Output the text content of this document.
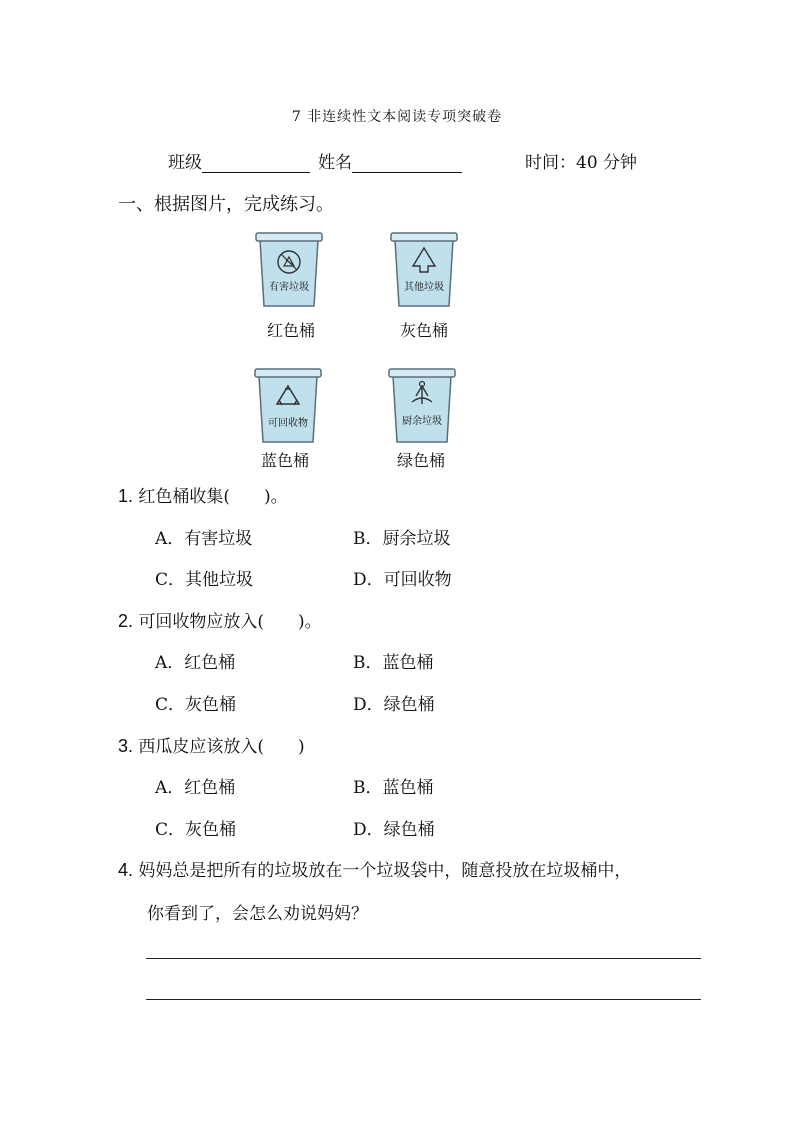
7 非连续性文本阅读专项突破卷
班级	姓名	时间：40 分钟
一、根据图片，完成练习。
有害垃圾
红色桶
其他垃圾
灰色桶
可回收物
蓝色桶
厨余垃圾
绿色桶
1. 红色桶收集(　　)。
A．有害垃圾	B．厨余垃圾
C．其他垃圾	D．可回收物
2. 可回收物应放入(　　)。
A．红色桶	B．蓝色桶
C．灰色桶	D．绿色桶
3. 西瓜皮应该放入(　　)
A．红色桶	B．蓝色桶
C．灰色桶	D．绿色桶
4. 妈妈总是把所有的垃圾放在一个垃圾袋中，随意投放在垃圾桶中，
你看到了，会怎么劝说妈妈？
